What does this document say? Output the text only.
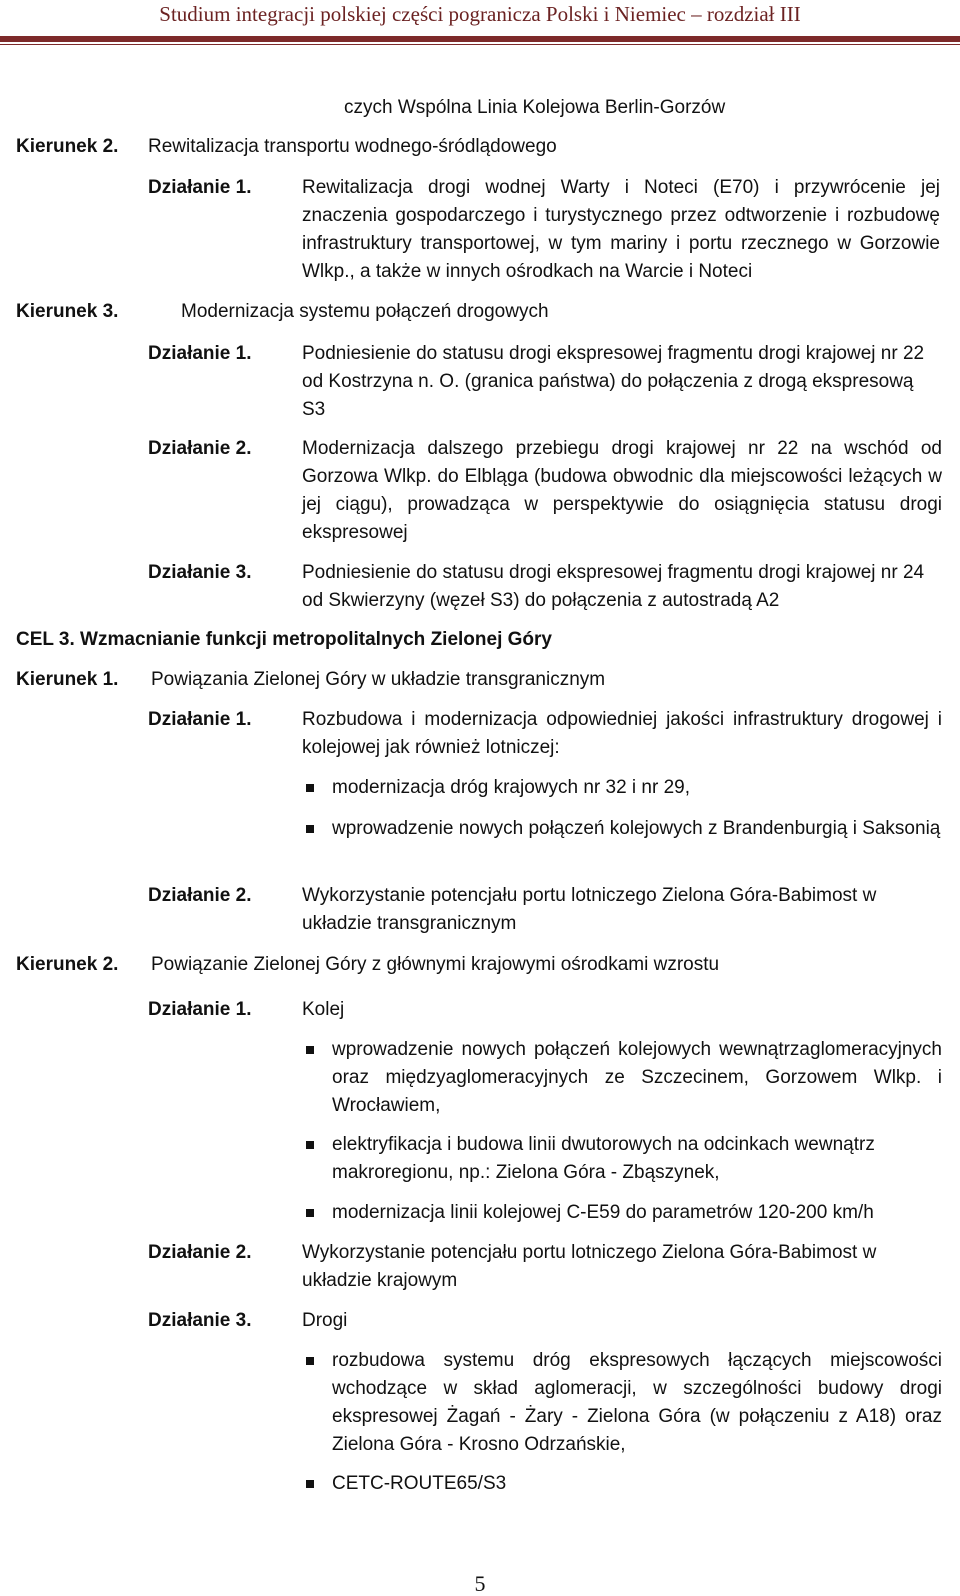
Studium integracji polskiej części pogranicza Polski i Niemiec – rozdział III
czych Wspólna Linia Kolejowa Berlin-Gorzów
Kierunek 2. Rewitalizacja transportu wodnego-śródlądowego
Działanie 1.	Rewitalizacja drogi wodnej Warty i Noteci (E70) i przywrócenie jej znaczenia gospodarczego i turystycznego przez odtworzenie i rozbudowę infrastruktury transportowej, w tym mariny i portu rzecznego w Gorzowie Wlkp., a także w innych ośrodkach na Warcie i Noteci
Kierunek 3.	Modernizacja systemu połączeń drogowych
Działanie 1.	Podniesienie do statusu drogi ekspresowej fragmentu drogi krajowej nr 22 od Kostrzyna n. O. (granica państwa) do połączenia z drogą ekspresową S3
Działanie 2.	Modernizacja dalszego przebiegu drogi krajowej nr 22 na wschód od Gorzowa Wlkp. do Elbląga (budowa obwodnic dla miejscowości leżących w jej ciągu), prowadząca w perspektywie do osiągnięcia statusu drogi ekspresowej
Działanie 3.	Podniesienie do statusu drogi ekspresowej fragmentu drogi krajowej nr 24 od Skwierzyny (węzeł S3) do połączenia z autostradą A2
CEL 3. Wzmacnianie funkcji metropolitalnych Zielonej Góry
Kierunek 1. Powiązania Zielonej Góry w układzie transgranicznym
Działanie 1.	Rozbudowa i modernizacja odpowiedniej jakości infrastruktury drogowej i kolejowej jak również lotniczej:
modernizacja dróg krajowych nr 32 i nr 29,
wprowadzenie nowych połączeń kolejowych z Brandenburgią i Saksonią
Działanie 2.	Wykorzystanie potencjału portu lotniczego Zielona Góra-Babimost w układzie transgranicznym
Kierunek 2. Powiązanie Zielonej Góry z głównymi krajowymi ośrodkami wzrostu
Działanie 1.	Kolej
wprowadzenie nowych połączeń kolejowych wewnątrzaglomeracyjnych oraz międzyaglomeracyjnych ze Szczecinem, Gorzowem Wlkp. i Wrocławiem,
elektryfikacja i budowa linii dwutorowych na odcinkach wewnątrz makroregionu, np.: Zielona Góra - Zbąszynek,
modernizacja linii kolejowej C-E59 do parametrów 120-200 km/h
Działanie 2.	Wykorzystanie potencjału portu lotniczego Zielona Góra-Babimost w układzie krajowym
Działanie 3.	Drogi
rozbudowa systemu dróg ekspresowych łączących miejscowości wchodzące w skład aglomeracji, w szczególności budowy drogi ekspresowej Żagań - Żary - Zielona Góra (w połączeniu z A18) oraz Zielona Góra - Krosno Odrzańskie,
CETC-ROUTE65/S3
5
